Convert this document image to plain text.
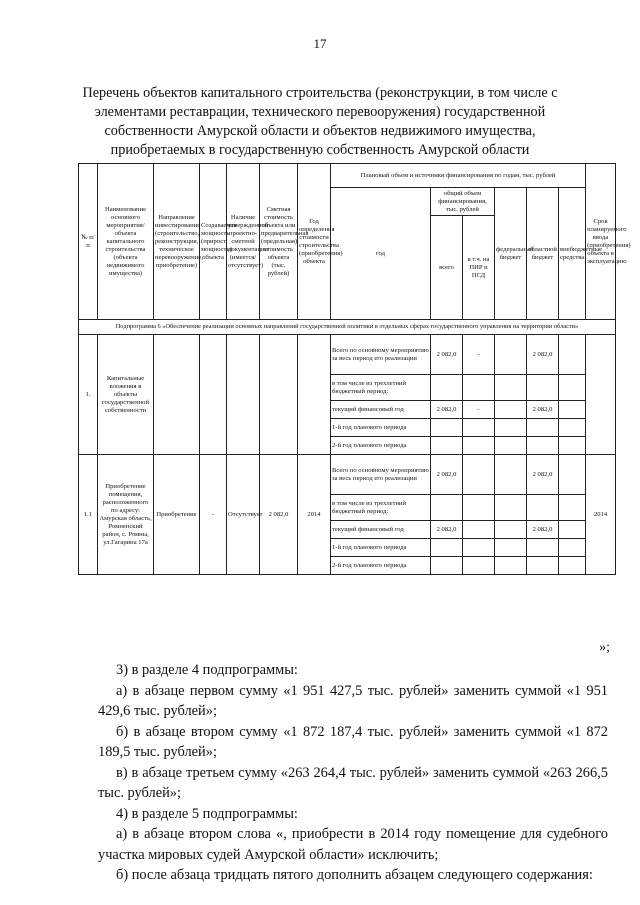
17
Перечень объектов капитального строительства (реконструкции, в том числе с элементами реставрации, технического перевооружения) государственной собственности Амурской области и объектов недвижимого имущества, приобретаемых в государственную собственность Амурской области
№ п/п	Наименование основного мероприятия/объекта капитального строительства (объекта недвижимого имущества)	Направление инвестирования (строительство, реконструкция, техническое перевооружение, приобретение)	Создаваемая мощность (прирост мощности) объекта	Наличие утвержденной проектно-сметной документации (имеется/отсутствует)	Сметная стоимость объекта или предварительная (предельная) стоимость объекта (тыс. рублей)	Год определения стоимости строительства (приобретения) объекта	Плановый объем и источники финансирования по годам, тыс. рублей						Срок планируемого ввода (приобретения) объекта в эксплуатацию
							год	общий объем финансирования, тыс. рублей		федеральный бюджет	областной бюджет	внебюджетные средства	
								всего	в т.ч. на ПИР и ПСД				
Подпрограмма 6 «Обеспечение реализации основных направлений государственной политики в отдельных сферах государственного управления на территории области»													
1.	Капитальные вложения в объекты государственной собственности						Всего по основному мероприятию за весь период его реализации	2 082,0	-		2 082,0		
							в том числе из трехлетний бюджетный период:						
							текущий финансовый год	2 082,0	-		2 082,0		
							1-й год планового периода						
							2-й год планового периода						
1.1	Приобретение помещения, расположенного по адресу: Амурская область, Ромненский район, с. Ромны, ул.Гагарина 17а	Приобретение	-	Отсутствует	2 082,0	2014	Всего по основному мероприятию за весь период его реализации	2 082,0			2 082,0		2014
							в том числе из трехлетний бюджетный период:						
							текущий финансовый год	2 082,0			2 082,0		
							1-й год планового периода						
							2-й год планового периода						
»;
3) в разделе 4 подпрограммы:
а) в абзаце первом сумму «1 951 427,5 тыс. рублей» заменить суммой «1 951 429,6 тыс. рублей»;
б) в абзаце втором сумму «1 872 187,4 тыс. рублей» заменить суммой «1 872 189,5 тыс. рублей»;
в) в абзаце третьем сумму «263 264,4 тыс. рублей» заменить суммой «263 266,5 тыс. рублей»;
4) в разделе 5 подпрограммы:
а) в абзаце втором слова «, приобрести в 2014 году помещение для судебного участка мировых судей Амурской области» исключить;
б) после абзаца тридцать пятого дополнить абзацем следующего содержания:
